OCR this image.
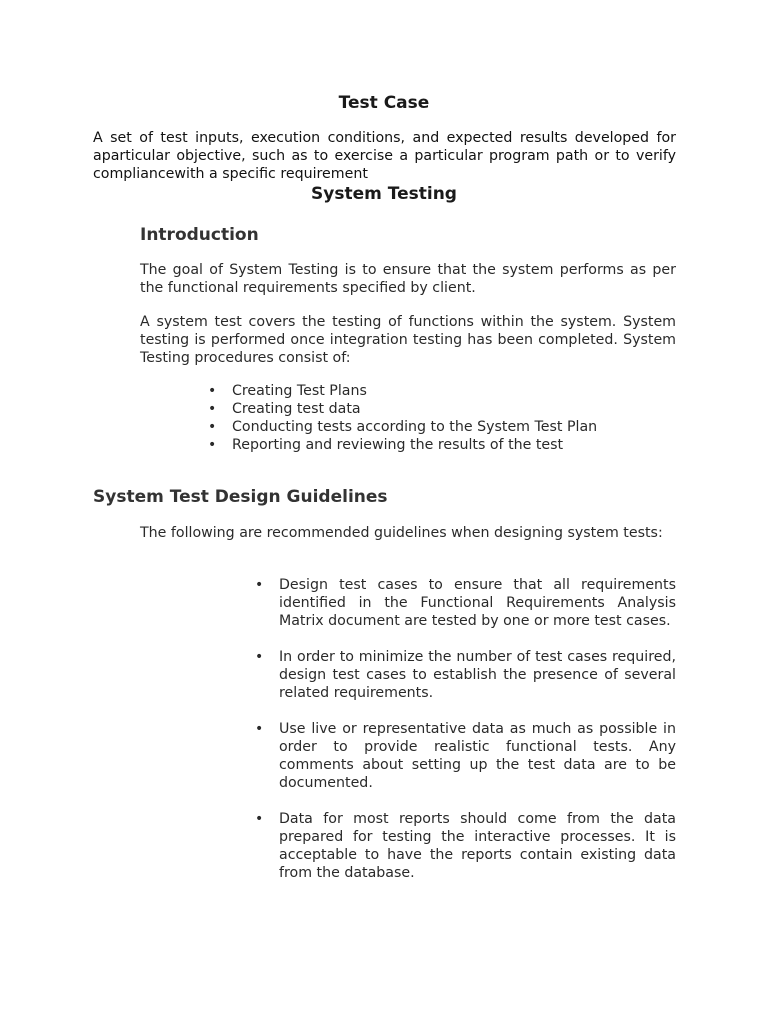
Test Case

A set of test inputs, execution conditions, and expected results developed for aparticular objective, such as to exercise a particular program path or to verify compliancewith a specific requirement

System Testing
Introduction

The goal of System Testing is to ensure that the system performs as per the functional requirements specified by client.

A system test covers the testing of functions within the system. System testing is performed once integration testing has been completed. System Testing procedures consist of:

• Creating Test Plans
• Creating test data
• Conducting tests according to the System Test Plan
• Reporting and reviewing the results of the test
System Test Design Guidelines

The following are recommended guidelines when designing system tests:

• Design test cases to ensure that all requirements identified in the Functional Requirements Analysis Matrix document are tested by one or more test cases.
• In order to minimize the number of test cases required, design test cases to establish the presence of several related requirements.
• Use live or representative data as much as possible in order to provide realistic functional tests. Any comments about setting up the test data are to be documented.
• Data for most reports should come from the data prepared for testing the interactive processes. It is acceptable to have the reports contain existing data from the database.
